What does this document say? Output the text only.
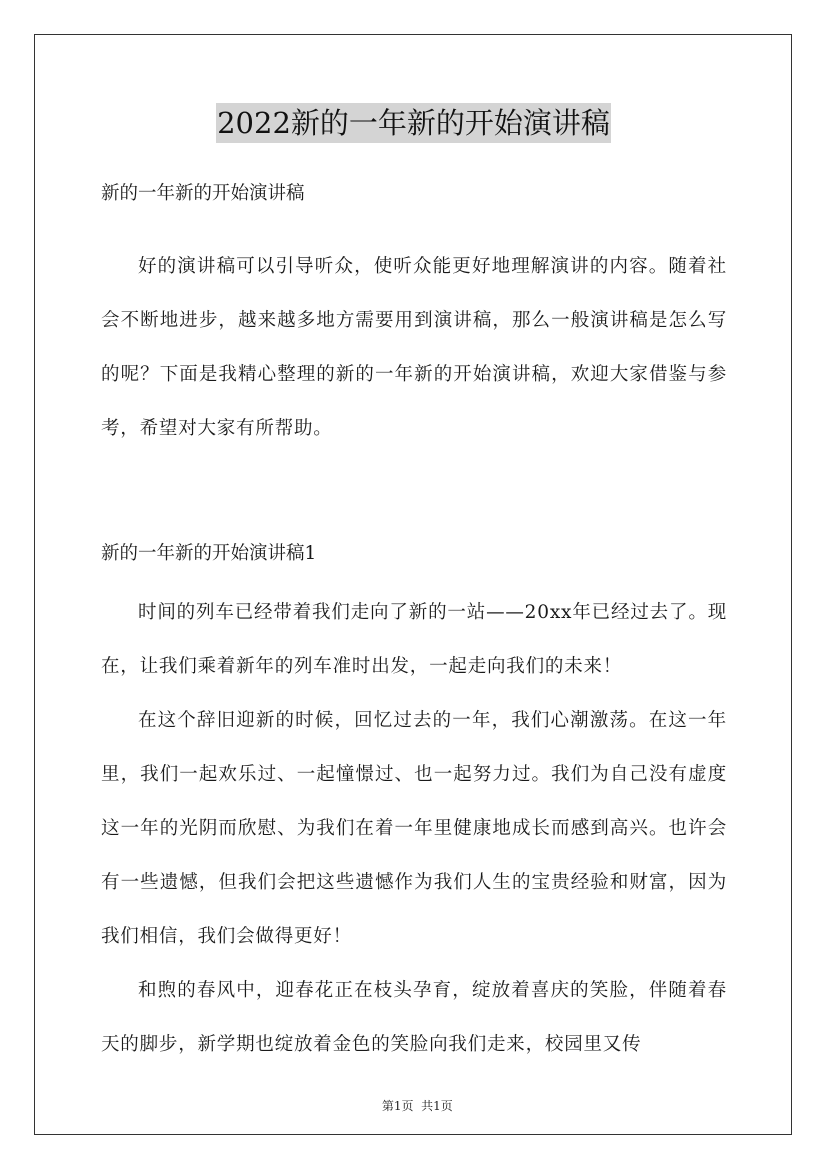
2022新的一年新的开始演讲稿

新的一年新的开始演讲稿

好的演讲稿可以引导听众，使听众能更好地理解演讲的内容。随着社会不断地进步，越来越多地方需要用到演讲稿，那么一般演讲稿是怎么写的呢？下面是我精心整理的新的一年新的开始演讲稿，欢迎大家借鉴与参考，希望对大家有所帮助。

新的一年新的开始演讲稿1

时间的列车已经带着我们走向了新的一站——20xx年已经过去了。现在，让我们乘着新年的列车准时出发，一起走向我们的未来！

在这个辞旧迎新的时候，回忆过去的一年，我们心潮激荡。在这一年里，我们一起欢乐过、一起憧憬过、也一起努力过。我们为自己没有虚度这一年的光阴而欣慰、为我们在着一年里健康地成长而感到高兴。也许会有一些遗憾，但我们会把这些遗憾作为我们人生的宝贵经验和财富，因为我们相信，我们会做得更好！

和煦的春风中，迎春花正在枝头孕育，绽放着喜庆的笑脸，伴随着春天的脚步，新学期也绽放着金色的笑脸向我们走来，校园里又传

第1页  共1页
